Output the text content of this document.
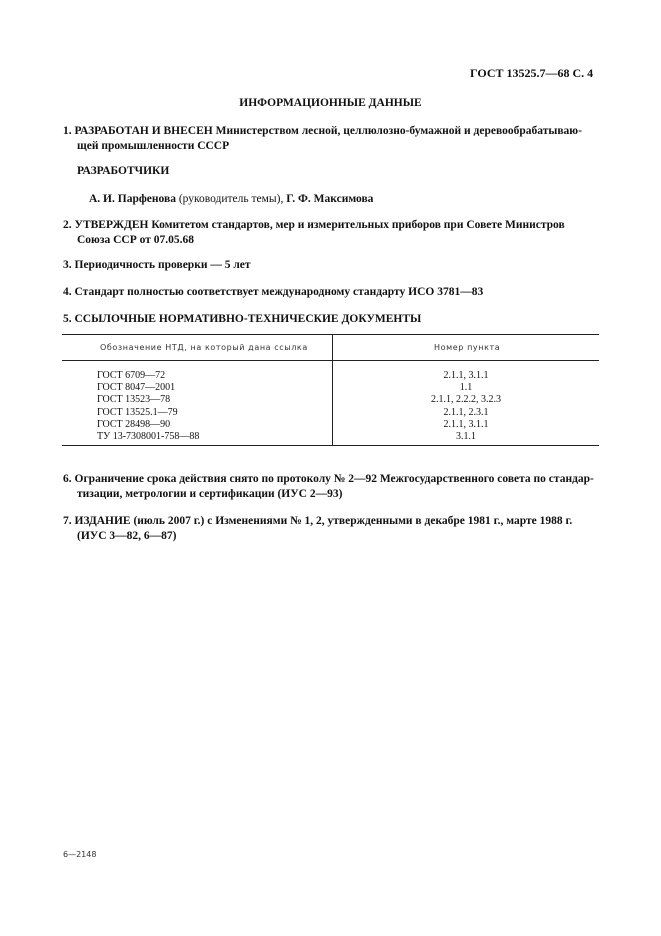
ГОСТ 13525.7—68 С. 4

ИНФОРМАЦИОННЫЕ ДАННЫЕ

1. РАЗРАБОТАН И ВНЕСЕН Министерством лесной, целлюлозно-бумажной и деревообрабатываю-
щей промышленности СССР
РАЗРАБОТЧИКИ
А. И. Парфенова (руководитель темы), Г. Ф. Максимова
2. УТВЕРЖДЕН Комитетом стандартов, мер и измерительных приборов при Совете Министров
Союза ССР от 07.05.68
3. Периодичность проверки — 5 лет
4. Стандарт полностью соответствует международному стандарту ИСО 3781—83
5. ССЫЛОЧНЫЕ НОРМАТИВНО-ТЕХНИЧЕСКИЕ ДОКУМЕНТЫ
Обозначение НТД, на который дана ссылка	Номер пункта
ГОСТ 6709—72
ГОСТ 8047—2001
ГОСТ 13523—78
ГОСТ 13525.1—79
ГОСТ 28498—90
ТУ 13-7308001-758—88
2.1.1, 3.1.1
1.1
2.1.1, 2.2.2, 3.2.3
2.1.1, 2.3.1
2.1.1, 3.1.1
3.1.1
6. Ограничение срока действия снято по протоколу № 2—92 Межгосударственного совета по стандар-
тизации, метрологии и сертификации (ИУС 2—93)
7. ИЗДАНИЕ (июль 2007 г.) с Изменениями № 1, 2, утвержденными в декабре 1981 г., марте 1988 г.
(ИУС 3—82, 6—87)
6—2148
